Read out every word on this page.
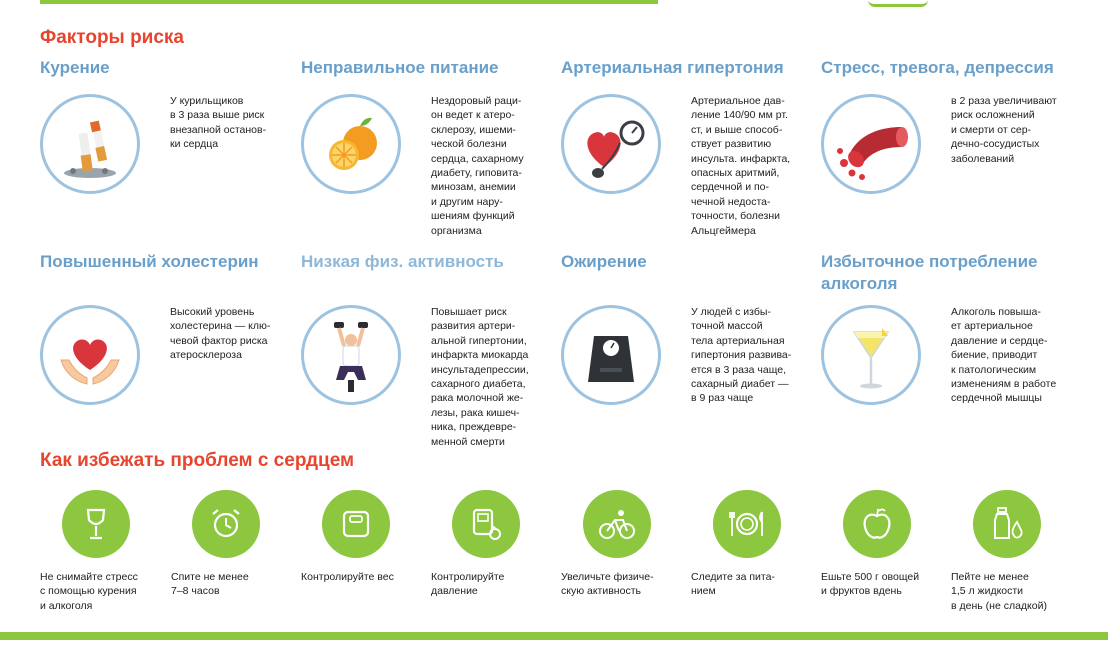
Факторы риска
Курение
У курильщиков
в 3 раза выше риск
внезапной останов-
ки сердца
Неправильное питание
Нездоровый раци-
он ведет к атеро-
склерозу, ишеми-
ческой болезни
сердца, сахарному
диабету, гиповита-
минозам, анемии
и другим нару-
шениям функций
организма
Артериальная гипертония
Артериальное дав-
ление 140/90 мм рт.
ст, и выше способ-
ствует развитию
инсульта. инфаркта,
опасных аритмий,
сердечной и по-
чечной недоста-
точности, болезни
Альцгеймера
Стресс, тревога, депрессия
в 2 раза увеличивают
риск осложнений
и смерти от сер-
дечно-сосудистых
заболеваний
Повышенный холестерин
Высокий уровень
холестерина — клю-
чевой фактор риска
атеросклероза
Низкая физ. активность
Повышает риск
развития артери-
альной гипертонии,
инфаркта миокарда
инсультадепрессии,
сахарного диабета,
рака молочной же-
лезы, рака кишеч-
ника, преждевре-
менной смерти
Ожирение
У людей с избы-
точной массой
тела артериальная
гипертония развива-
ется в 3 раза чаще,
сахарный диабет —
в 9 раз чаще
Избыточное потребление
алкоголя
Алкоголь повыша-
ет артериальное
давление и сердце-
биение, приводит
к патологическим
изменениям в работе
сердечной мышцы
Как избежать проблем с сердцем
Не снимайте стресс
с помощью курения
и алкоголя
Спите не менее
7–8 часов
Контролируйте вес	Контролируйте
давление
Увеличьте физиче-
скую активность
Следите за пита-
нием
Ешьте 500 г овощей
и фруктов вдень
Пейте не менее
1,5 л жидкости
в день (не сладкой)
